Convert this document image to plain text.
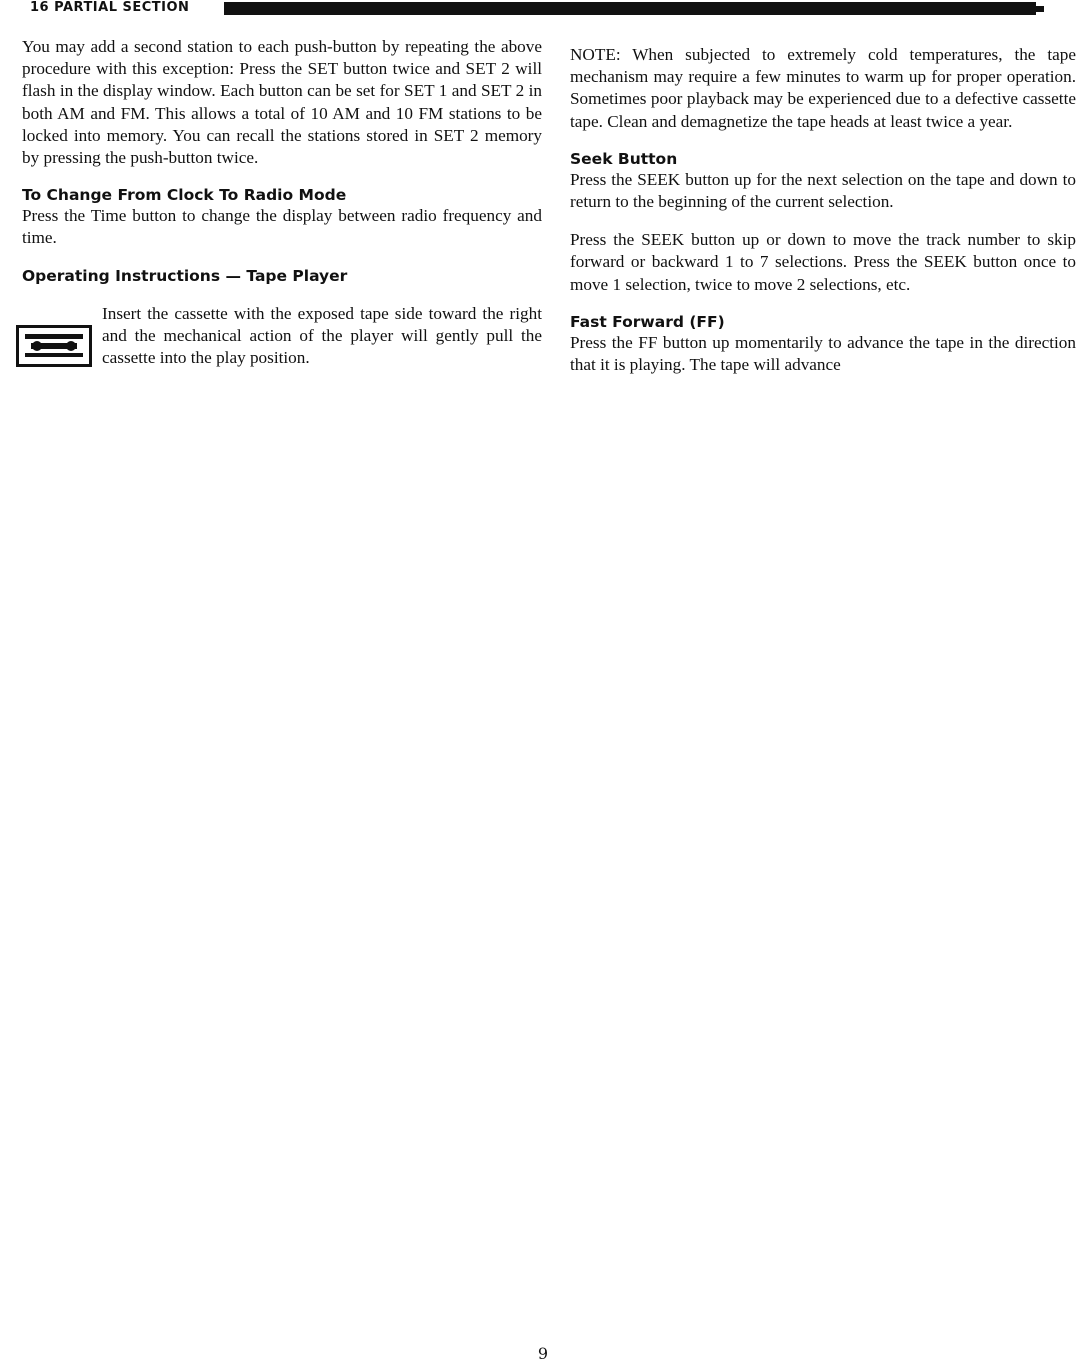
16 PARTIAL SECTION

You may add a second station to each push-button by repeating the above procedure with this exception: Press the SET button twice and SET 2 will flash in the display window. Each button can be set for SET 1 and SET 2 in both AM and FM. This allows a total of 10 AM and 10 FM stations to be locked into memory. You can recall the stations stored in SET 2 memory by pressing the push-button twice.

To Change From Clock To Radio Mode

Press the Time button to change the display between radio frequency and time.

Operating Instructions — Tape Player

Insert the cassette with the exposed tape side toward the right and the mechanical action of the player will gently pull the cassette into the play position.

NOTE: When subjected to extremely cold temperatures, the tape mechanism may require a few minutes to warm up for proper operation. Sometimes poor playback may be experienced due to a defective cassette tape. Clean and demagnetize the tape heads at least twice a year.

Seek Button

Press the SEEK button up for the next selection on the tape and down to return to the beginning of the current selection.

Press the SEEK button up or down to move the track number to skip forward or backward 1 to 7 selections. Press the SEEK button once to move 1 selection, twice to move 2 selections, etc.

Fast Forward (FF)

Press the FF button up momentarily to advance the tape in the direction that it is playing. The tape will advance

9
